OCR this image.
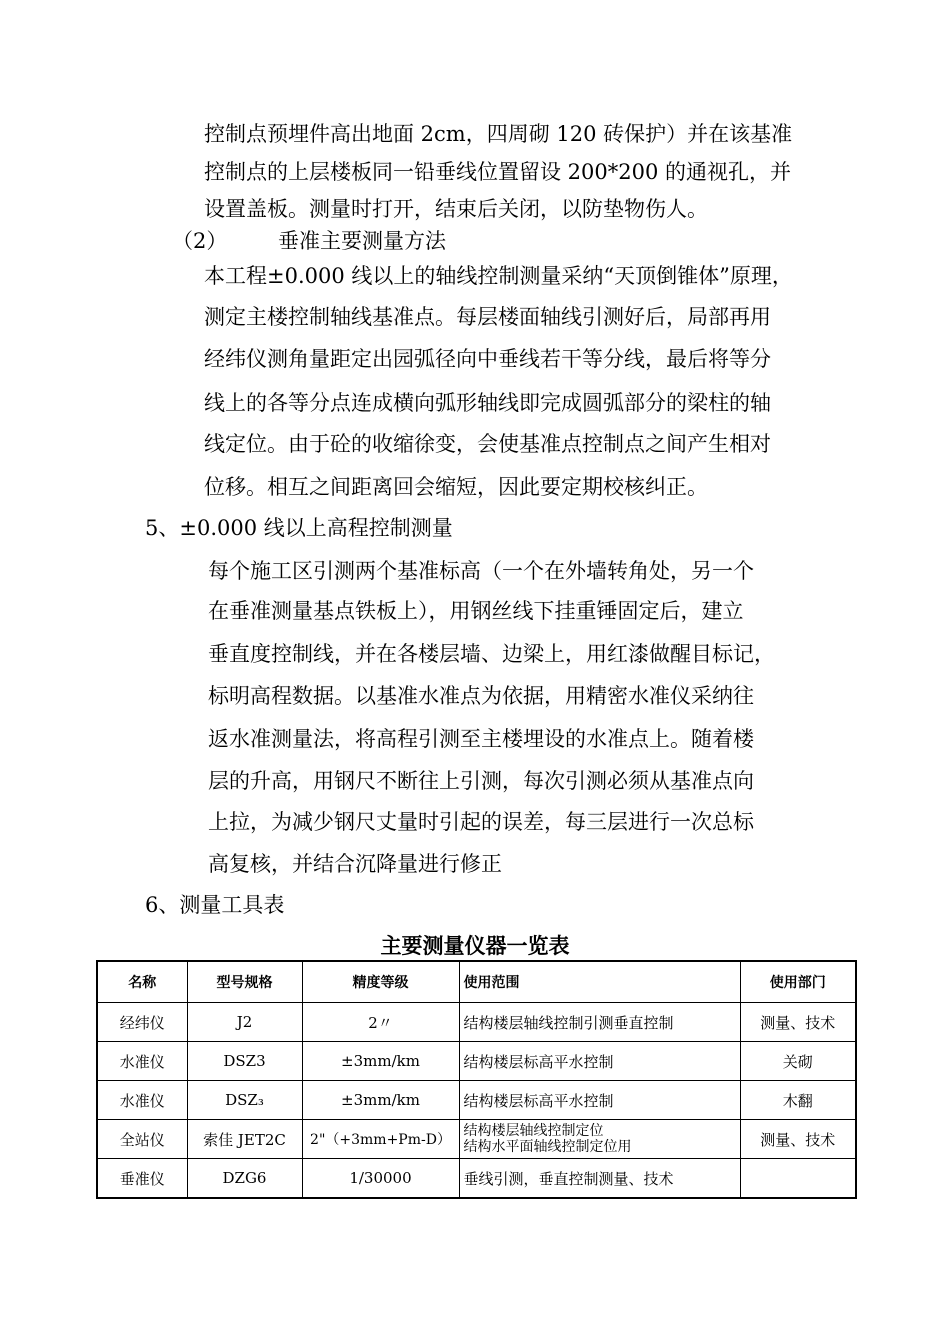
控制点预埋件高出地面 2cm，四周砌 120 砖保护）并在该基准
控制点的上层楼板同一铅垂线位置留设 200*200 的通视孔，并
设置盖板。测量时打开，结束后关闭，以防垫物伤人。
（2） 垂准主要测量方法
本工程±0.000 线以上的轴线控制测量采纳“天顶倒锥体”原理，
测定主楼控制轴线基准点。每层楼面轴线引测好后，局部再用
经纬仪测角量距定出园弧径向中垂线若干等分线，最后将等分
线上的各等分点连成横向弧形轴线即完成圆弧部分的梁柱的轴
线定位。由于砼的收缩徐变，会使基准点控制点之间产生相对
位移。相互之间距离回会缩短，因此要定期校核纠正。
5、±0.000 线以上高程控制测量
每个施工区引测两个基准标高（一个在外墙转角处，另一个
在垂准测量基点铁板上），用钢丝线下挂重锤固定后，建立
垂直度控制线，并在各楼层墙、边梁上，用红漆做醒目标记，
标明高程数据。以基准水准点为依据，用精密水准仪采纳往
返水准测量法，将高程引测至主楼埋设的水准点上。随着楼
层的升高，用钢尺不断往上引测，每次引测必须从基准点向
上拉，为减少钢尺丈量时引起的误差，每三层进行一次总标
高复核，并结合沉降量进行修正
6、测量工具表
主要测量仪器一览表
名称	型号规格	精度等级	使用范围	使用部门
经纬仪	J2	2〃	结构楼层轴线控制引测垂直控制	测量、技术
水准仪	DSZ3	±3mm/km	结构楼层标高平水控制	关砌
水准仪	DSZ₃	±3mm/km	结构楼层标高平水控制	木翻
全站仪	索佳 JET2C	2"（+3mm+Pm-D）	结构楼层轴线控制定位
结构水平面轴线控制定位用	测量、技术
垂准仪	DZG6	1/30000	垂线引测，垂直控制测量、技术	
